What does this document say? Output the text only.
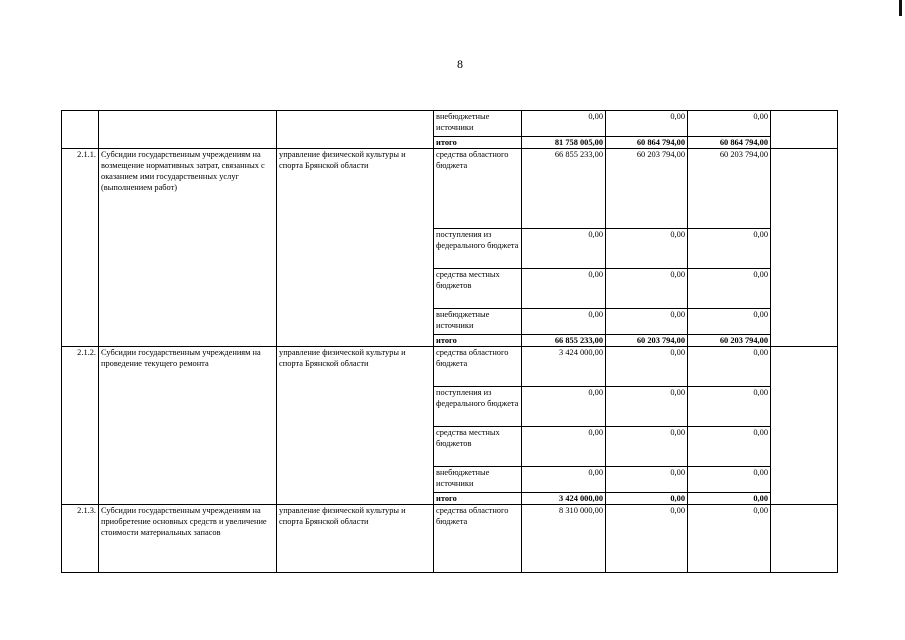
8
			внебюджетные источники	0,00	0,00	0,00	
			итого	81 758 005,00	60 864 794,00	60 864 794,00	
2.1.1.	Субсидии государственным учреждениям на возмещение нормативных затрат, связанных с оказанием ими государственных услуг (выполнением работ)	управление физической культуры и спорта Брянской области	средства областного бюджета	66 855 233,00	60 203 794,00	60 203 794,00	
			поступления из федерального бюджета	0,00	0,00	0,00	
			средства местных бюджетов	0,00	0,00	0,00	
			внебюджетные источники	0,00	0,00	0,00	
			итого	66 855 233,00	60 203 794,00	60 203 794,00	
2.1.2.	Субсидии государственным учреждениям на проведение текущего ремонта	управление физической культуры и спорта Брянской области	средства областного бюджета	3 424 000,00	0,00	0,00	
			поступления из федерального бюджета	0,00	0,00	0,00	
			средства местных бюджетов	0,00	0,00	0,00	
			внебюджетные источники	0,00	0,00	0,00	
			итого	3 424 000,00	0,00	0,00	
2.1.3.	Субсидии государственным учреждениям на приобретение основных средств и увеличение стоимости материальных запасов	управление физической культуры и спорта Брянской области	средства областного бюджета	8 310 000,00	0,00	0,00	
